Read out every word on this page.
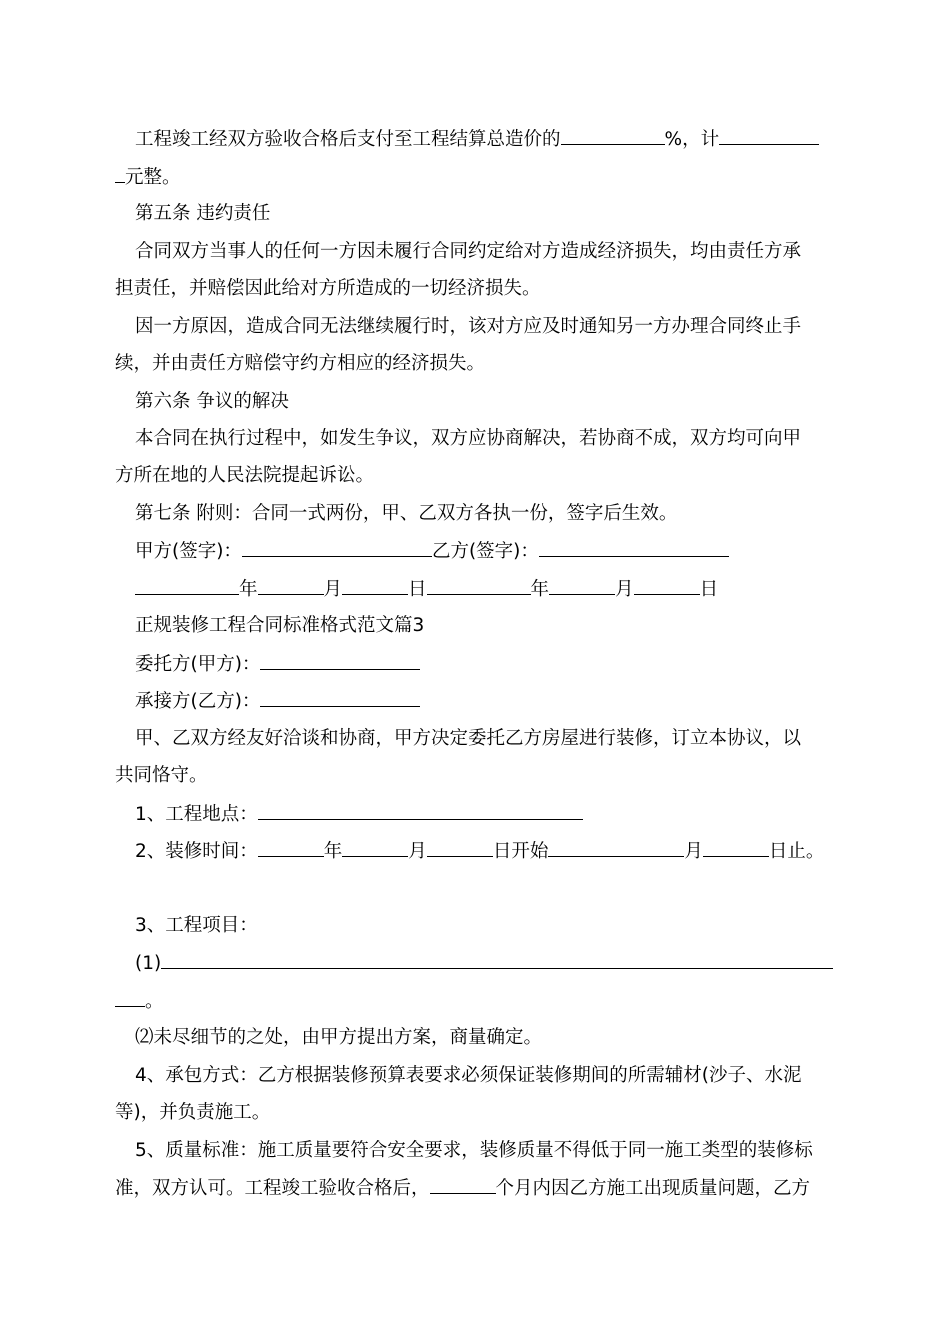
工程竣工经双方验收合格后支付至工程结算总造价的	%，计
元整。
第五条 违约责任
合同双方当事人的任何一方因未履行合同约定给对方造成经济损失，均由责任方承
担责任，并赔偿因此给对方所造成的一切经济损失。
因一方原因，造成合同无法继续履行时，该对方应及时通知另一方办理合同终止手
续，并由责任方赔偿守约方相应的经济损失。
第六条 争议的解决
本合同在执行过程中，如发生争议，双方应协商解决，若协商不成，双方均可向甲
方所在地的人民法院提起诉讼。
第七条 附则：合同一式两份，甲、乙双方各执一份，签字后生效。
甲方(签字)：	乙方(签字)：
年	月	日	年	月	日
正规装修工程合同标准格式范文篇3
委托方(甲方)：
承接方(乙方)：
甲、乙双方经友好洽谈和协商，甲方决定委托乙方房屋进行装修，订立本协议，以
共同恪守。
1、工程地点：
2、装修时间：	年	月	日开始	月	日止。
3、工程项目：
(1)
。
⑵未尽细节的之处，由甲方提出方案，商量确定。
4、承包方式：乙方根据装修预算表要求必须保证装修期间的所需辅材(沙子、水泥
等)，并负责施工。
5、质量标准：施工质量要符合安全要求，装修质量不得低于同一施工类型的装修标
准，双方认可。工程竣工验收合格后，	个月内因乙方施工出现质量问题，乙方
